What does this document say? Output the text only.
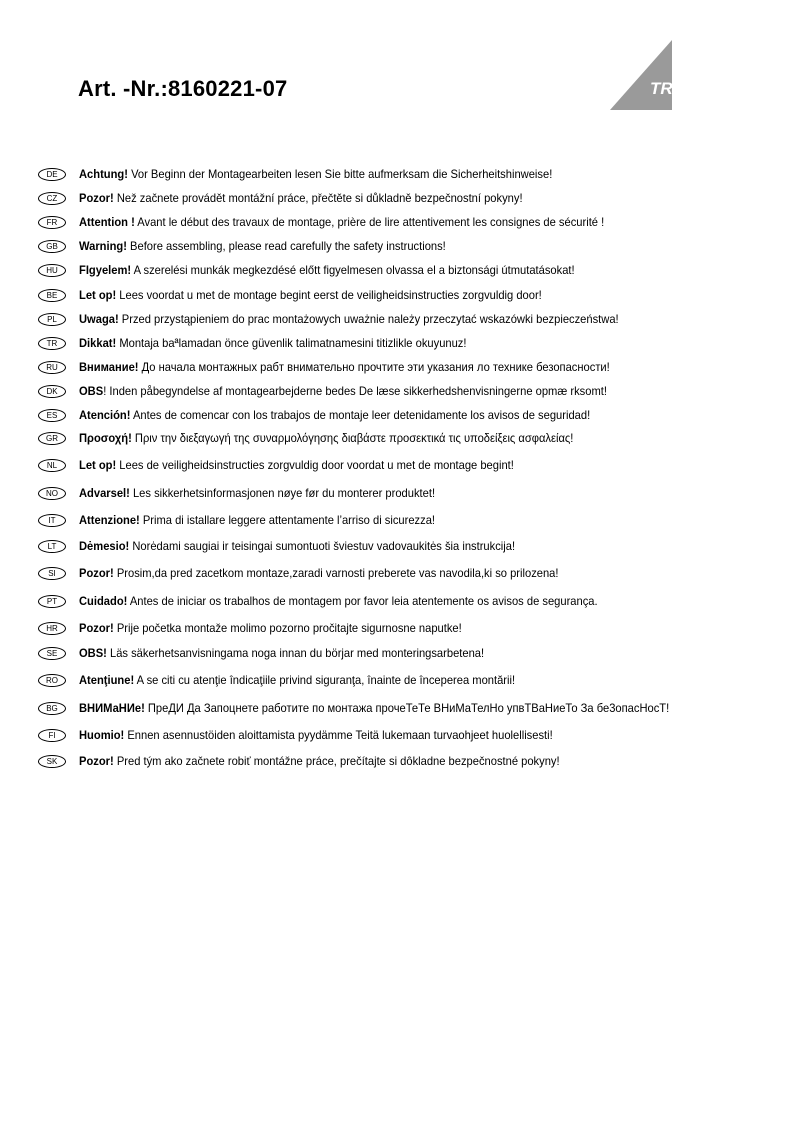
Art. -Nr.:8160221-07	TRIO
DE	Achtung! Vor Beginn der Montagearbeiten lesen Sie bitte aufmerksam die Sicherheitshinweise!
CZ	Pozor! Než začnete provádět montážní práce, přečtěte si důkladně bezpečnostní pokyny!
FR	Attention ! Avant le début des travaux de montage, prière de lire attentivement les consignes de sécurité !
GB	Warning! Before assembling, please read carefully the safety instructions!
HU	FIgyelem! A szerelési munkák megkezdésé előtt figyelmesen olvassa el a biztonsági útmutatásokat!
BE	Let op! Lees voordat u met de montage begint eerst de veiligheidsinstructies zorgvuldig door!
PL	Uwaga! Przed przystąpieniem do prac montażowych uważnie należy przeczytać wskazówki bezpieczeństwa!
TR	Dikkat! Montaja baªlamadan önce güvenlik talimatnamesini titizlikle okuyunuz!
RU	Внимание! До начала монтажных рабт внимательно прочтите эти указания ло технике безопасности!
DK	OBS! Inden påbegyndelse af montagearbejderne bedes De læse sikkerhedshenvisningerne opmæ rksomt!
ES	Atención! Antes de comencar con los trabajos de montaje leer detenidamente los avisos de seguridad!
GR	Προσοχή! Πριν την διεξαγωγή της συναρμολόγησης διαβάστε προσεκτικά τις υποδείξεις ασφαλείας!
NL	Let op! Lees de veiligheidsinstructies zorgvuldig door voordat u met de montage begint!
NO	Advarsel! Les sikkerhetsinformasjonen nøye før du monterer produktet!
IT	Attenzione! Prima di istallare leggere attentamente l’arriso di sicurezza!
LT	Dėmesio! Norėdami saugiai ir teisingai sumontuoti šviestuv vadovaukitės šia instrukcija!
SI	Pozor! Prosim,da pred zacetkom montaze,zaradi varnosti preberete vas navodila,ki so prilozena!
PT	Cuidado! Antes de iniciar os trabalhos de montagem por favor leia atentemente os avisos de segurança.
HR	Pozor! Prije početka montaže molimo pozorno pročitajte sigurnosne naputke!
SE	OBS! Läs säkerhetsanvisningama noga innan du börjar med monteringsarbetena!
RO	Atenţiune! A se citi cu atenţie îndicaţiile privind siguranţa, înainte de începerea montării!
BG	ВНИМаНИе! ПреДИ Да Запоцнете работите по монтажа прочеТеТе ВНиМаТелНо упвТВаНиеТо За бе3опасНосТ!
FI	Huomio! Ennen asennustöiden aloittamista pyydämme Teitä lukemaan turvaohjeet huolellisesti!
SK	Pozor! Pred tým ako začnete robiť montážne práce, prečítajte si dôkladne bezpečnostné pokyny!
